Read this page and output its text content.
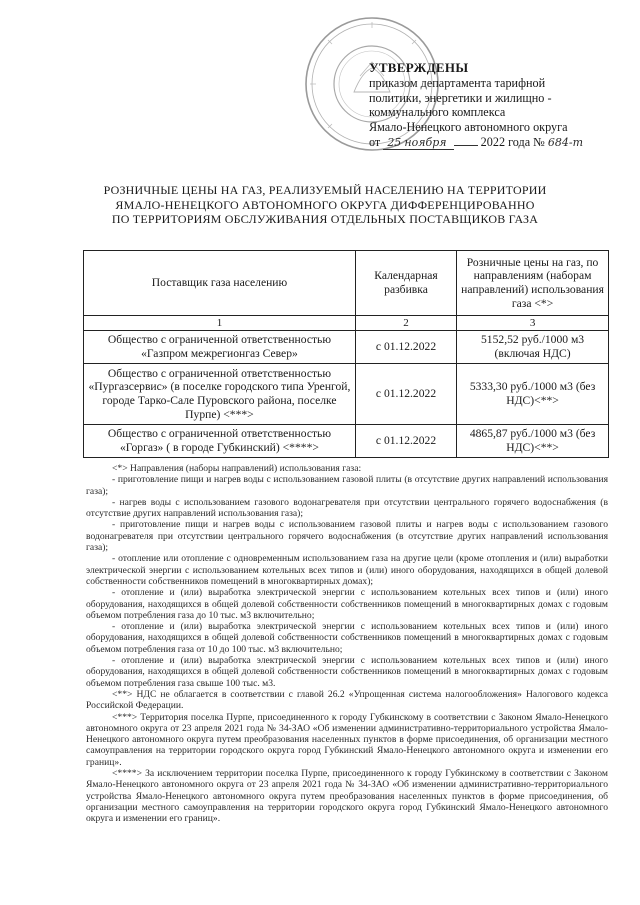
УТВЕРЖДЕНЫ
приказом департамента тарифной
политики, энергетики и жилищно -
коммунального комплекса
Ямало-Ненецкого автономного округа
от 25 ноября	2022 года № 684-т
РОЗНИЧНЫЕ ЦЕНЫ НА ГАЗ, РЕАЛИЗУЕМЫЙ НАСЕЛЕНИЮ НА ТЕРРИТОРИИ
ЯМАЛО-НЕНЕЦКОГО АВТОНОМНОГО ОКРУГА ДИФФЕРЕНЦИРОВАННО
ПО ТЕРРИТОРИЯМ ОБСЛУЖИВАНИЯ ОТДЕЛЬНЫХ ПОСТАВЩИКОВ ГАЗА
Поставщик газа населению	Календарная разбивка	Розничные цены на газ, по направлениям (наборам направлений) использования газа <*>
1	2	3
Общество с ограниченной ответственностью «Газпром межрегионгаз Север»	с 01.12.2022	5152,52 руб./1000 м3 (включая НДС)
Общество с ограниченной ответственностью «Пургазсервис» (в поселке городского типа Уренгой, городе Тарко-Сале Пуровского района, поселке Пурпе) <***>	с 01.12.2022	5333,30 руб./1000 м3 (без НДС)<**>
Общество с ограниченной ответственностью «Горгаз» ( в городе Губкинский) <****>	с 01.12.2022	4865,87 руб./1000 м3 (без НДС)<**>

<*> Направления (наборы направлений) использования газа:

- приготовление пищи и нагрев воды с использованием газовой плиты (в отсутствие других направлений использования газа);

- нагрев воды с использованием газового водонагревателя при отсутствии центрального горячего водоснабжения (в отсутствие других направлений использования газа);

- приготовление пищи и нагрев воды с использованием газовой плиты и нагрев воды с использованием газового водонагревателя при отсутствии центрального горячего водоснабжения (в отсутствие других направлений использования газа);

- отопление или отопление с одновременным использованием газа на другие цели (кроме отопления и (или) выработки электрической энергии с использованием котельных всех типов и (или) иного оборудования, находящихся в общей долевой собственности собственников помещений в многоквартирных домах);

- отопление и (или) выработка электрической энергии с использованием котельных всех типов и (или) иного оборудования, находящихся в общей долевой собственности собственников помещений в многоквартирных домах с годовым объемом потребления газа до 10 тыс. м3 включительно;

- отопление и (или) выработка электрической энергии с использованием котельных всех типов и (или) иного оборудования, находящихся в общей долевой собственности собственников помещений в многоквартирных домах с годовым объемом потребления газа от 10 до 100 тыс. м3 включительно;

- отопление и (или) выработка электрической энергии с использованием котельных всех типов и (или) иного оборудования, находящихся в общей долевой собственности собственников помещений в многоквартирных домах с годовым объемом потребления газа свыше 100 тыс. м3.

<**> НДС не облагается в соответствии с главой 26.2 «Упрощенная система налогообложения» Налогового кодекса Российской Федерации.

<***> Территория поселка Пурпе, присоединенного к городу Губкинскому в соответствии с Законом Ямало-Ненецкого автономного округа от 23 апреля 2021 года № 34-ЗАО «Об изменении административно-территориального устройства Ямало-Ненецкого автономного округа путем преобразования населенных пунктов в форме присоединения, об организации местного самоуправления на территории городского округа город Губкинский Ямало-Ненецкого автономного округа и изменении его границ».

<****> За исключением территории поселка Пурпе, присоединенного к городу Губкинскому в соответствии с Законом Ямало-Ненецкого автономного округа от 23 апреля 2021 года № 34-ЗАО «Об изменении административно-территориального устройства Ямало-Ненецкого автономного округа путем преобразования населенных пунктов в форме присоединения, об организации местного самоуправления на территории городского округа город Губкинский Ямало-Ненецкого автономного округа и изменении его границ».
